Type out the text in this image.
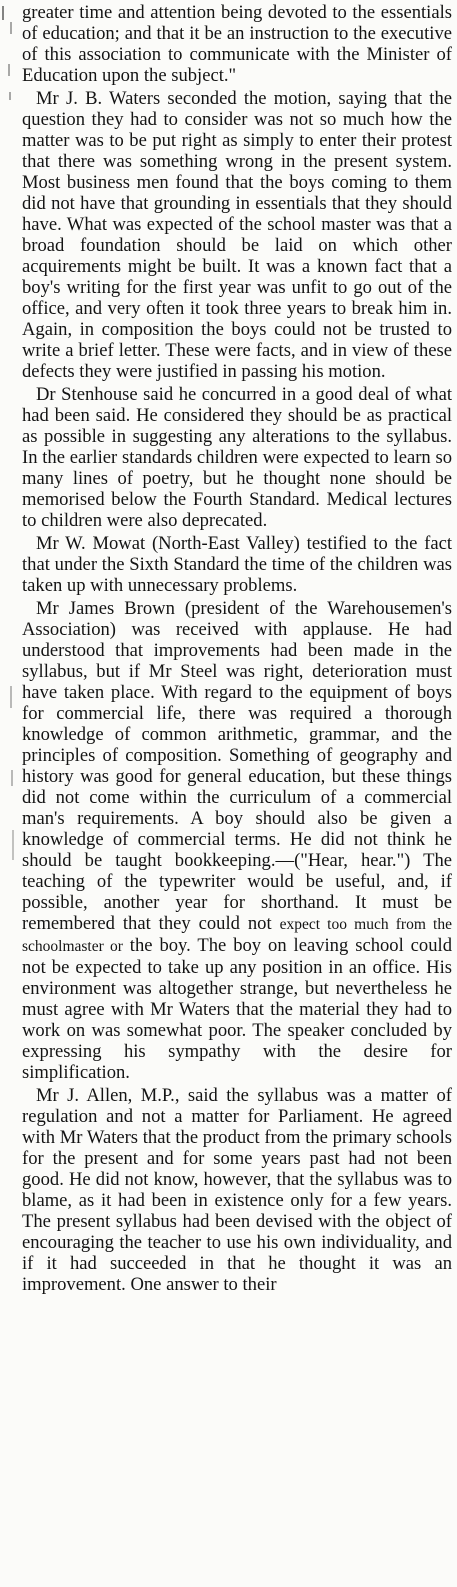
greater time and attention being devoted to the essentials of education; and that it be an instruction to the executive of this association to communicate with the Minister of Education upon the subject."

Mr J. B. Waters seconded the motion, saying that the question they had to consider was not so much how the matter was to be put right as simply to enter their protest that there was something wrong in the present system. Most business men found that the boys coming to them did not have that grounding in essentials that they should have. What was expected of the school master was that a broad foundation should be laid on which other acquirements might be built. It was a known fact that a boy's writing for the first year was unfit to go out of the office, and very often it took three years to break him in. Again, in composition the boys could not be trusted to write a brief letter. These were facts, and in view of these defects they were justified in passing his motion.

Dr Stenhouse said he concurred in a good deal of what had been said. He considered they should be as practical as possible in suggesting any alterations to the syllabus. In the earlier standards children were expected to learn so many lines of poetry, but he thought none should be memorised below the Fourth Standard. Medical lectures to children were also deprecated.

Mr W. Mowat (North-East Valley) testified to the fact that under the Sixth Standard the time of the children was taken up with unnecessary problems.

Mr James Brown (president of the Warehousemen's Association) was received with applause. He had understood that improvements had been made in the syllabus, but if Mr Steel was right, deterioration must have taken place. With regard to the equipment of boys for commercial life, there was required a thorough knowledge of common arithmetic, grammar, and the principles of composition. Something of geography and history was good for general education, but these things did not come within the curriculum of a commercial man's requirements. A boy should also be given a knowledge of commercial terms. He did not think he should be taught bookkeeping.—("Hear, hear.") The teaching of the typewriter would be useful, and, if possible, another year for shorthand. It must be remembered that they could not expect too much from the schoolmaster or the boy. The boy on leaving school could not be expected to take up any position in an office. His environment was altogether strange, but nevertheless he must agree with Mr Waters that the material they had to work on was somewhat poor. The speaker concluded by expressing his sympathy with the desire for simplification.

Mr J. Allen, M.P., said the syllabus was a matter of regulation and not a matter for Parliament. He agreed with Mr Waters that the product from the primary schools for the present and for some years past had not been good. He did not know, however, that the syllabus was to blame, as it had been in existence only for a few years. The present syllabus had been devised with the object of encouraging the teacher to use his own individuality, and if it had succeeded in that he thought it was an improvement. One answer to their
